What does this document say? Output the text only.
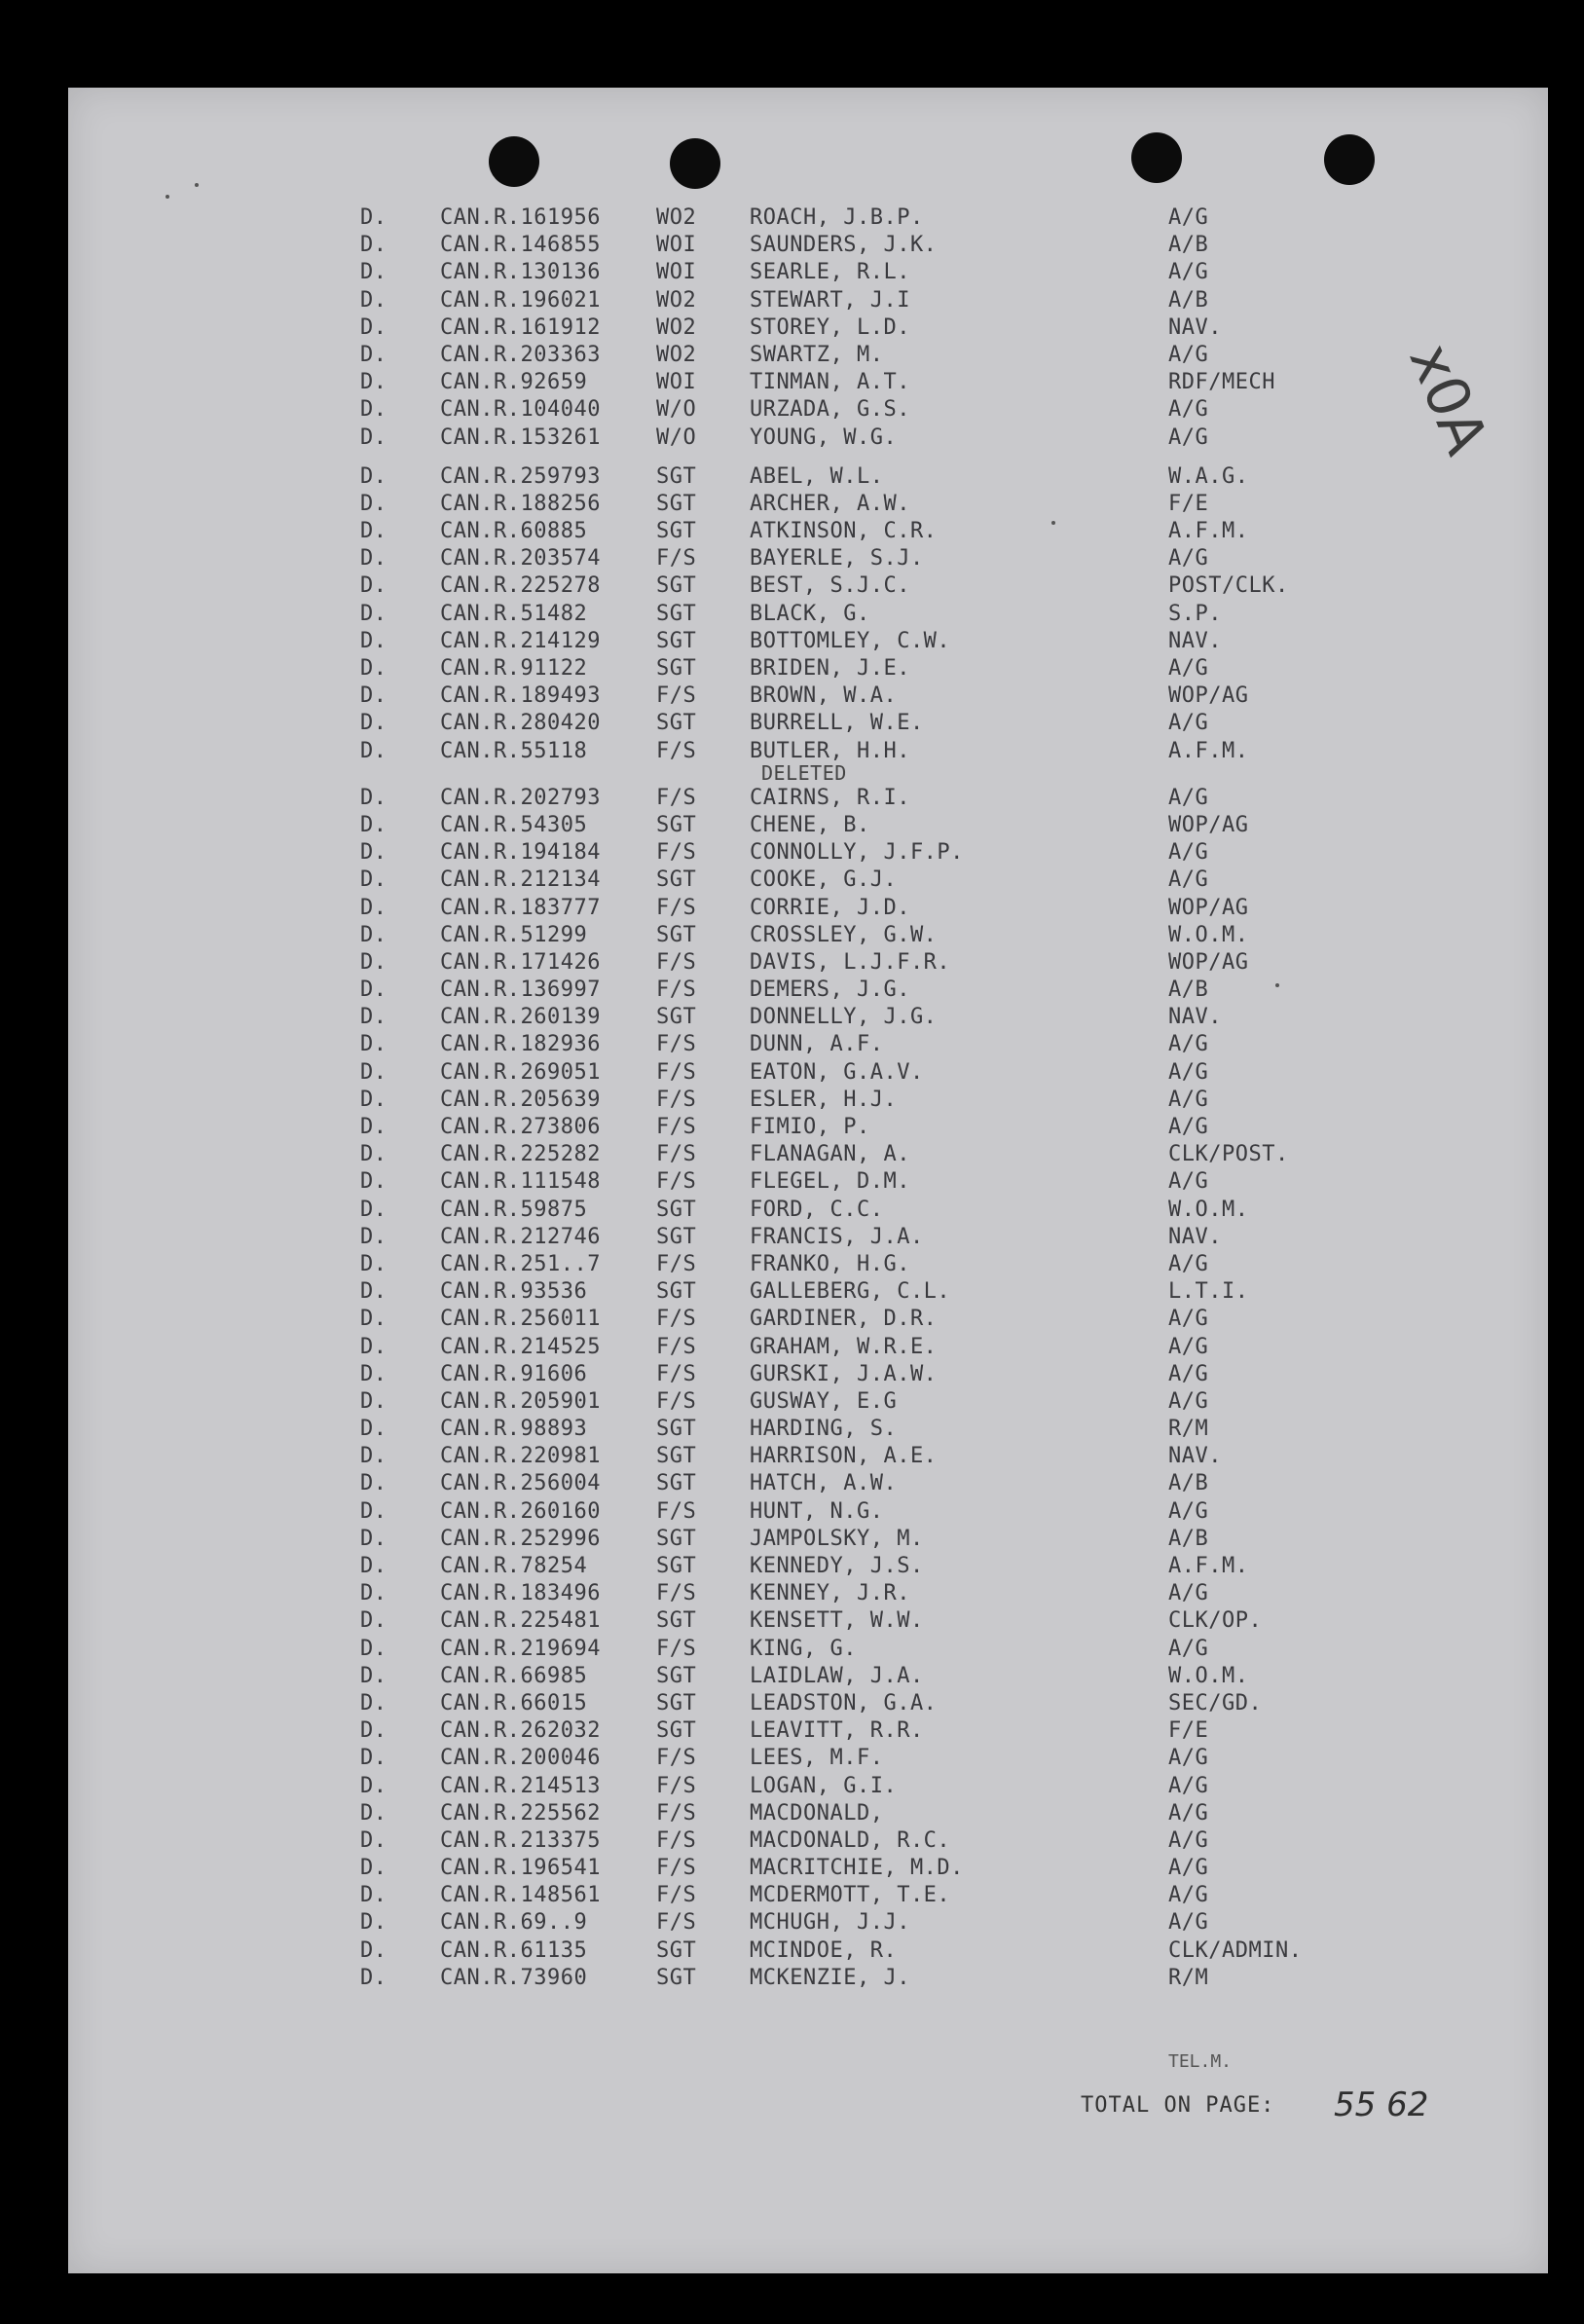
x0A
D. CAN.R.161956	WO2 ROACH, J.B.P.	A/G
D. CAN.R.146855	WOI SAUNDERS, J.K.	A/B
D. CAN.R.130136	WOI SEARLE, R.L.	A/G
D. CAN.R.196021	WO2 STEWART, J.I	A/B
D. CAN.R.161912	WO2 STOREY, L.D.	NAV.
D. CAN.R.203363	WO2 SWARTZ, M.	A/G
D. CAN.R.92659	WOI TINMAN, A.T.	RDF/MECH
D. CAN.R.104040	W/O URZADA, G.S.	A/G
D. CAN.R.153261	W/O YOUNG, W.G.	A/G
D. CAN.R.259793	SGT ABEL, W.L.	W.A.G.
D. CAN.R.188256	SGT ARCHER, A.W.	F/E
D. CAN.R.60885	SGT ATKINSON, C.R.	A.F.M.
D. CAN.R.203574	F/S BAYERLE, S.J.	A/G
D. CAN.R.225278	SGT BEST, S.J.C.	POST/CLK.
D. CAN.R.51482	SGT BLACK, G.	S.P.
D. CAN.R.214129	SGT BOTTOMLEY, C.W.	NAV.
D. CAN.R.91122	SGT BRIDEN, J.E.	A/G
D. CAN.R.189493	F/S BROWN, W.A.	WOP/AG
D. CAN.R.280420	SGT BURRELL, W.E.	A/G
D. CAN.R.55118	F/S BUTLER, H.H.	A.F.M.
DELETED
D. CAN.R.202793	F/S CAIRNS, R.I.	A/G
D. CAN.R.54305	SGT CHENE, B.	WOP/AG
D. CAN.R.194184	F/S CONNOLLY, J.F.P.	A/G
D. CAN.R.212134	SGT COOKE, G.J.	A/G
D. CAN.R.183777	F/S CORRIE, J.D.	WOP/AG
D. CAN.R.51299	SGT CROSSLEY, G.W.	W.O.M.
D. CAN.R.171426	F/S DAVIS, L.J.F.R.	WOP/AG
D. CAN.R.136997	F/S DEMERS, J.G.	A/B
D. CAN.R.260139	SGT DONNELLY, J.G.	NAV.
D. CAN.R.182936	F/S DUNN, A.F.	A/G
D. CAN.R.269051	F/S EATON, G.A.V.	A/G
D. CAN.R.205639	F/S ESLER, H.J.	A/G
D. CAN.R.273806	F/S FIMIO, P.	A/G
D. CAN.R.225282	F/S FLANAGAN, A.	CLK/POST.
D. CAN.R.111548	F/S FLEGEL, D.M.	A/G
D. CAN.R.59875	SGT FORD, C.C.	W.O.M.
D. CAN.R.212746	SGT FRANCIS, J.A.	NAV.
D. CAN.R.251..7	F/S FRANKO, H.G.	A/G
D. CAN.R.93536	SGT GALLEBERG, C.L.	L.T.I.
D. CAN.R.256011	F/S GARDINER, D.R.	A/G
D. CAN.R.214525	F/S GRAHAM, W.R.E.	A/G
D. CAN.R.91606	F/S GURSKI, J.A.W.	A/G
D. CAN.R.205901	F/S GUSWAY, E.G	A/G
D. CAN.R.98893	SGT HARDING, S.	R/M
D. CAN.R.220981	SGT HARRISON, A.E.	NAV.
D. CAN.R.256004	SGT HATCH, A.W.	A/B
D. CAN.R.260160	F/S HUNT, N.G.	A/G
D. CAN.R.252996	SGT JAMPOLSKY, M.	A/B
D. CAN.R.78254	SGT KENNEDY, J.S.	A.F.M.
D. CAN.R.183496	F/S KENNEY, J.R.	A/G
D. CAN.R.225481	SGT KENSETT, W.W.	CLK/OP.
D. CAN.R.219694	F/S KING, G.	A/G
D. CAN.R.66985	SGT LAIDLAW, J.A.	W.O.M.
D. CAN.R.66015	SGT LEADSTON, G.A.	SEC/GD.
D. CAN.R.262032	SGT LEAVITT, R.R.	F/E
D. CAN.R.200046	F/S LEES, M.F.	A/G
D. CAN.R.214513	F/S LOGAN, G.I.	A/G
D. CAN.R.225562	F/S MACDONALD,	A/G
D. CAN.R.213375	F/S MACDONALD, R.C.	A/G
D. CAN.R.196541	F/S MACRITCHIE, M.D.	A/G
D. CAN.R.148561	F/S MCDERMOTT, T.E.	A/G
D. CAN.R.69..9	F/S MCHUGH, J.J.	A/G
D. CAN.R.61135	SGT MCINDOE, R.	CLK/ADMIN.
D. CAN.R.73960	SGT MCKENZIE, J.	R/M
TEL.M.
TOTAL ON PAGE: 55 62
